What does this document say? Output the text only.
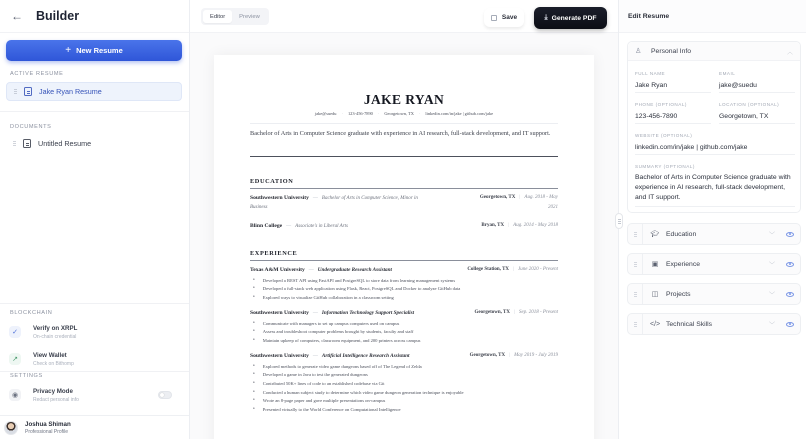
← Builder
+ New Resume
ACTIVE RESUME
Jake Ryan Resume
DOCUMENTS
Untitled Resume
BLOCKCHAIN
✓
Verify on XRPL
On-chain credential
↗
View Wallet
Check on Bithomp
SETTINGS
◉
Privacy Mode
Redact personal info
Joshua Shiman
Professional Profile
Editor	Preview	Save	⤓ Generate PDF
JAKE RYAN
jake@suedu · 123-456-7890 · Georgetown, TX · linkedin.com/in/jake | github.com/jake
Bachelor of Arts in Computer Science graduate with experience in AI research, full-stack development, and IT support.
EDUCATION
Southwestern University — Bachelor of Arts in Computer Science, Minor in	Georgetown, TX | Aug. 2018 - May
Business	2021
Blinn College — Associate's in Liberal Arts	Bryan, TX | Aug. 2014 - May 2018
EXPERIENCE
Texas A&M University — Undergraduate Research Assistant	College Station, TX | June 2020 - Present
• Developed a REST API using FastAPI and PostgreSQL to store data from learning management systems
• Developed a full-stack web application using Flask, React, PostgreSQL and Docker to analyze GitHub data
• Explored ways to visualize GitHub collaboration in a classroom setting
Southwestern University — Information Technology Support Specialist	Georgetown, TX | Sep. 2018 - Present
• Communicate with managers to set up campus computers used on campus
• Assess and troubleshoot computer problems brought by students, faculty and staff
• Maintain upkeep of computers, classroom equipment, and 200 printers across campus
Southwestern University — Artificial Intelligence Research Assistant	Georgetown, TX | May 2019 - July 2019
• Explored methods to generate video game dungeons based off of The Legend of Zelda
• Developed a game in Java to test the generated dungeons
• Contributed 50K+ lines of code to an established codebase via Git
• Conducted a human subject study to determine which video game dungeon generation technique is enjoyable
• Wrote an 8-page paper and gave multiple presentations on-campus
• Presented virtually to the World Conference on Computational Intelligence
Edit Resume
♙ Personal Info	︿
FULL NAME
Jake Ryan
EMAIL
jake@suedu
PHONE (OPTIONAL)
123-456-7890
LOCATION (OPTIONAL)
Georgetown, TX
WEBSITE (OPTIONAL)
linkedin.com/in/jake | github.com/jake
SUMMARY (OPTIONAL)
Bachelor of Arts in Computer Science graduate with experience in AI research, full-stack development, and IT support.
🎓︎ Education	﹀
▣ Experience	﹀
◫ Projects	﹀
</> Technical Skills	﹀
